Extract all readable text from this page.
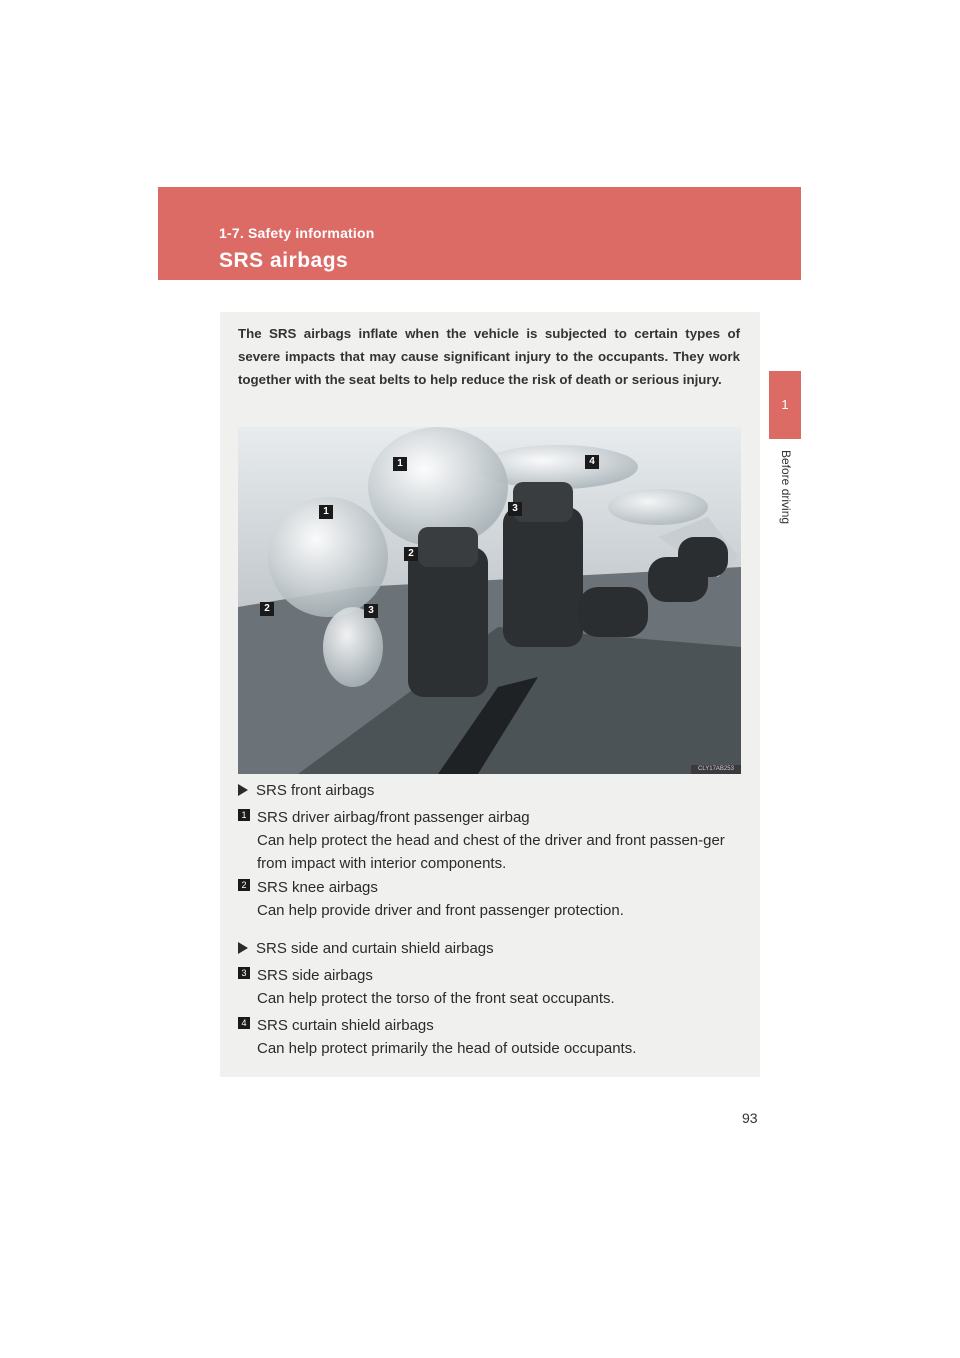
1-7. Safety information
SRS airbags
1
Before driving
The SRS airbags inflate when the vehicle is subjected to certain types of severe impacts that may cause significant injury to the occupants. They work together with the seat belts to help reduce the risk of death or serious injury.
1	4
1	3
2
2	3
CLY17AB253
SRS front airbags
1 SRS driver airbag/front passenger airbag
Can help protect the head and chest of the driver and front passen-ger from impact with interior components.
2 SRS knee airbags
Can help provide driver and front passenger protection.
SRS side and curtain shield airbags
3 SRS side airbags
Can help protect the torso of the front seat occupants.
4 SRS curtain shield airbags
Can help protect primarily the head of outside occupants.
93
